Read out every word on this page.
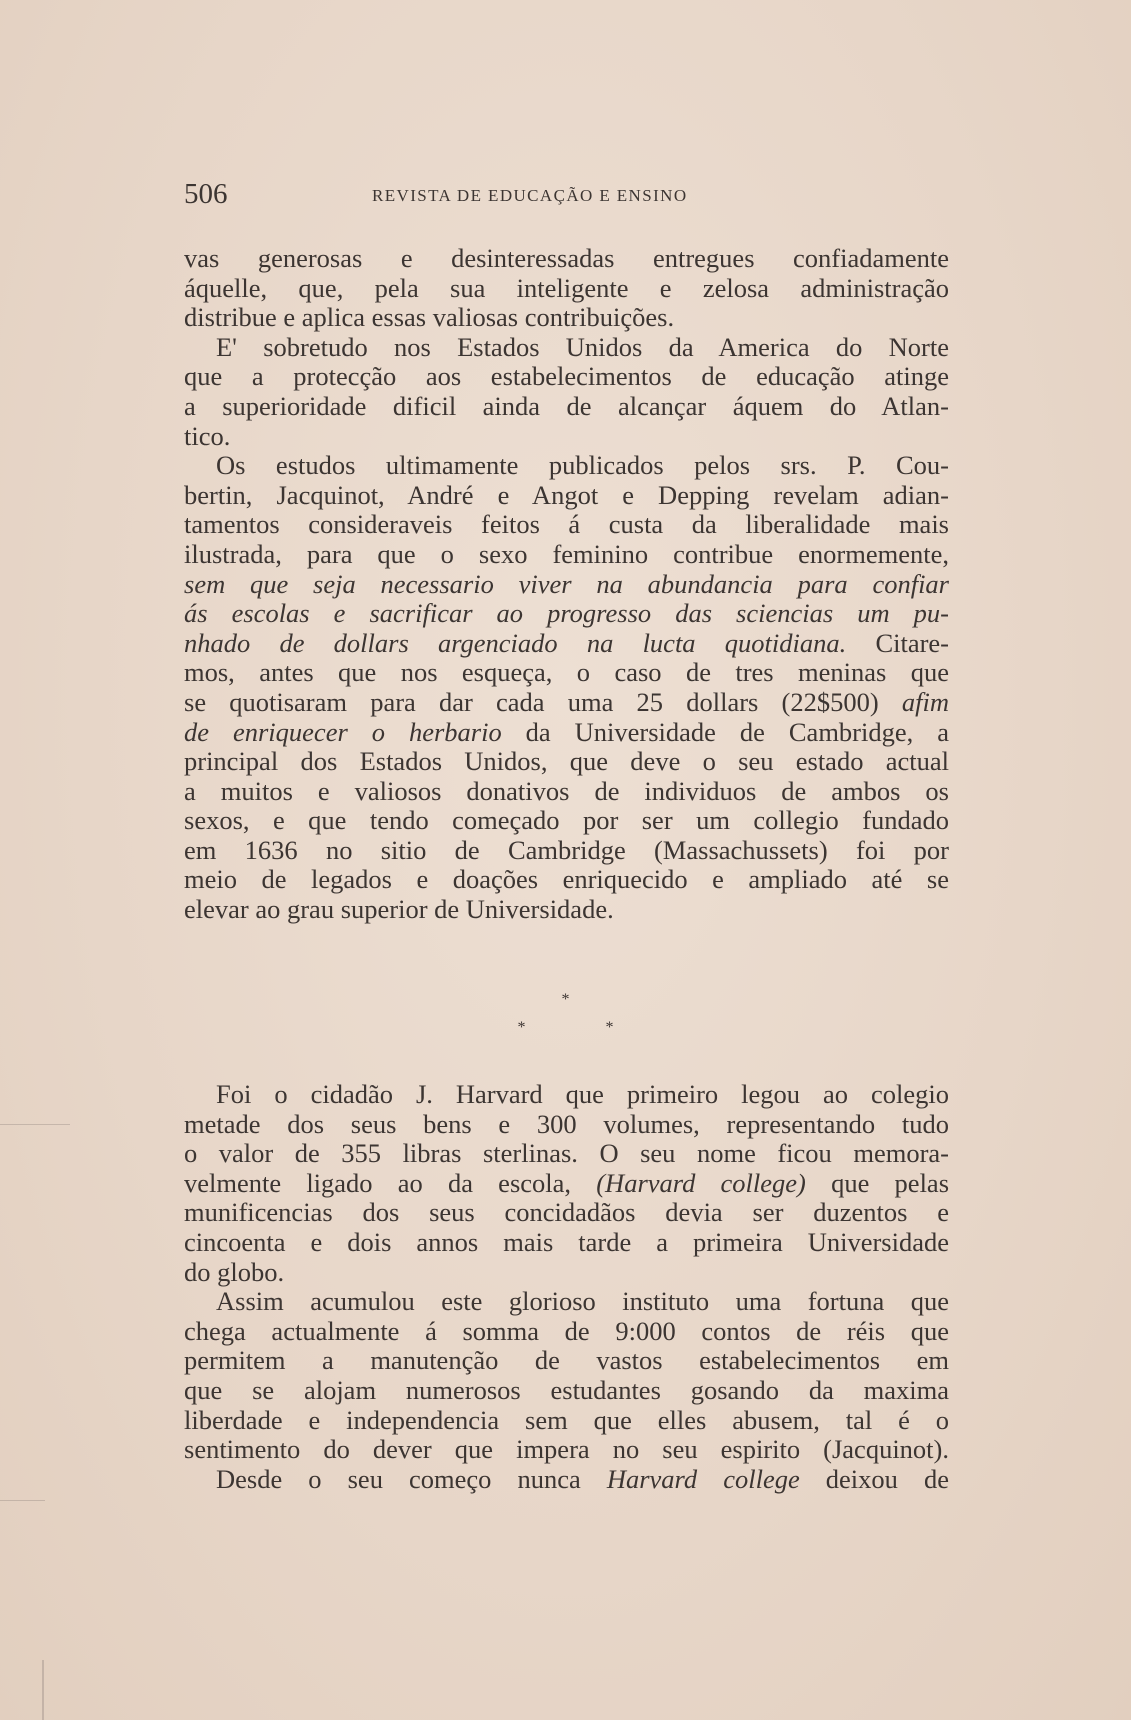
506	REVISTA DE EDUCAÇÃO E ENSINO
vas generosas e desinteressadas entregues confiadamente
áquelle, que, pela sua inteligente e zelosa administração
distribue e aplica essas valiosas contribuições.
E' sobretudo nos Estados Unidos da America do Norte
que a protecção aos estabelecimentos de educação atinge
a superioridade dificil ainda de alcançar áquem do Atlan-
tico.
Os estudos ultimamente publicados pelos srs. P. Cou-
bertin, Jacquinot, André e Angot e Depping revelam adian-
tamentos consideraveis feitos á custa da liberalidade mais
ilustrada, para que o sexo feminino contribue enormemente,
sem que seja necessario viver na abundancia para confiar
ás escolas e sacrificar ao progresso das sciencias um pu-
nhado de dollars argenciado na lucta quotidiana. Citare-
mos, antes que nos esqueça, o caso de tres meninas que
se quotisaram para dar cada uma 25 dollars (22$500) afim
de enriquecer o herbario da Universidade de Cambridge, a
principal dos Estados Unidos, que deve o seu estado actual
a muitos e valiosos donativos de individuos de ambos os
sexos, e que tendo começado por ser um collegio fundado
em 1636 no sitio de Cambridge (Massachussets) foi por
meio de legados e doações enriquecido e ampliado até se
elevar ao grau superior de Universidade.
*
* *
Foi o cidadão J. Harvard que primeiro legou ao colegio
metade dos seus bens e 300 volumes, representando tudo
o valor de 355 libras sterlinas. O seu nome ficou memora-
velmente ligado ao da escola, (Harvard college) que pelas
munificencias dos seus concidadãos devia ser duzentos e
cincoenta e dois annos mais tarde a primeira Universidade
do globo.
Assim acumulou este glorioso instituto uma fortuna que
chega actualmente á somma de 9:000 contos de réis que
permitem a manutenção de vastos estabelecimentos em
que se alojam numerosos estudantes gosando da maxima
liberdade e independencia sem que elles abusem, tal é o
sentimento do dever que impera no seu espirito (Jacquinot).
Desde o seu começo nunca Harvard college deixou de
